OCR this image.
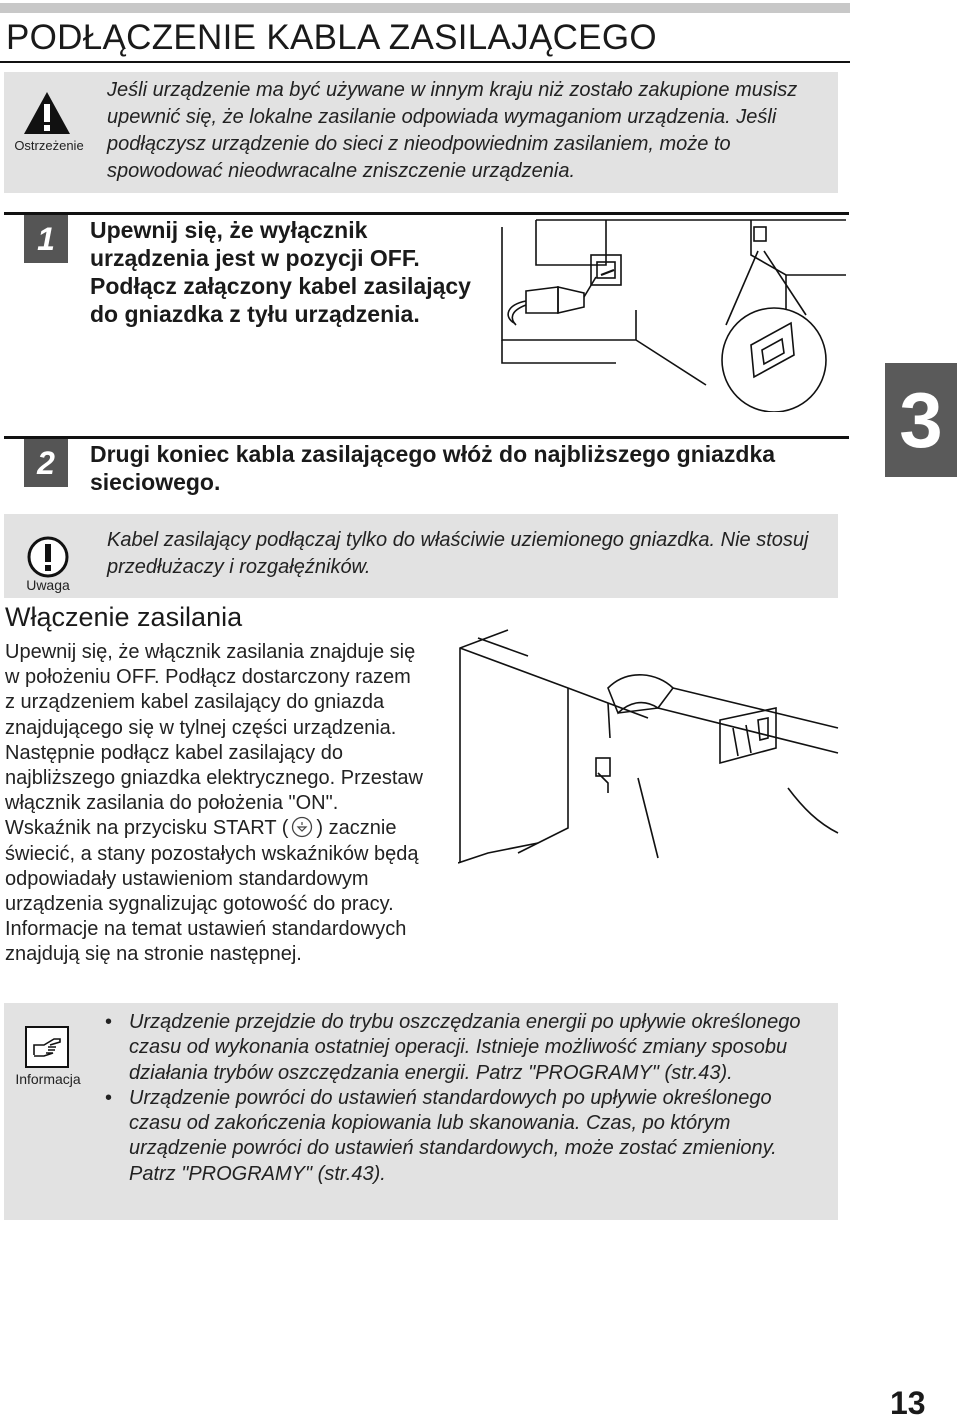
PODŁĄCZENIE KABLA ZASILAJĄCEGO
Ostrzeżenie
Jeśli urządzenie ma być używane w innym kraju niż zostało zakupione musisz upewnić się, że lokalne zasilanie odpowiada wymaganiom urządzenia. Jeśli podłączysz urządzenie do sieci z nieodpowiednim zasilaniem, może to spowodować nieodwracalne zniszczenie urządzenia.
1	Upewnij się, że wyłącznik urządzenia jest w pozycji OFF. Podłącz załączony kabel zasilający do gniazdka z tyłu urządzenia.
3
2	Drugi koniec kabla zasilającego włóż do najbliższego gniazdka sieciowego.
Uwaga
Kabel zasilający podłączaj tylko do właściwie uziemionego gniazdka. Nie stosuj przedłużaczy i rozgałęźników.
Włączenie zasilania
Upewnij się, że włącznik zasilania znajduje się w położeniu OFF. Podłącz dostarczony razem z urządzeniem kabel zasilający do gniazda znajdującego się w tylnej części urządzenia. Następnie podłącz kabel zasilający do najbliższego gniazdka elektrycznego. Przestaw włącznik zasilania do położenia "ON". Wskaźnik na przycisku START ( ) zacznie świecić, a stany pozostałych wskaźników będą odpowiadały ustawieniom standardowym urządzenia sygnalizując gotowość do pracy. Informacje na temat ustawień standardowych znajdują się na stronie następnej.
Informacja
• Urządzenie przejdzie do trybu oszczędzania energii po upływie określonego czasu od wykonania ostatniej operacji. Istnieje możliwość zmiany sposobu działania trybów oszczędzania energii. Patrz "PROGRAMY" (str.43).
• Urządzenie powróci do ustawień standardowych po upływie określonego czasu od zakończenia kopiowania lub skanowania. Czas, po którym urządzenie powróci do ustawień standardowych, może zostać zmieniony. Patrz "PROGRAMY" (str.43).
13
